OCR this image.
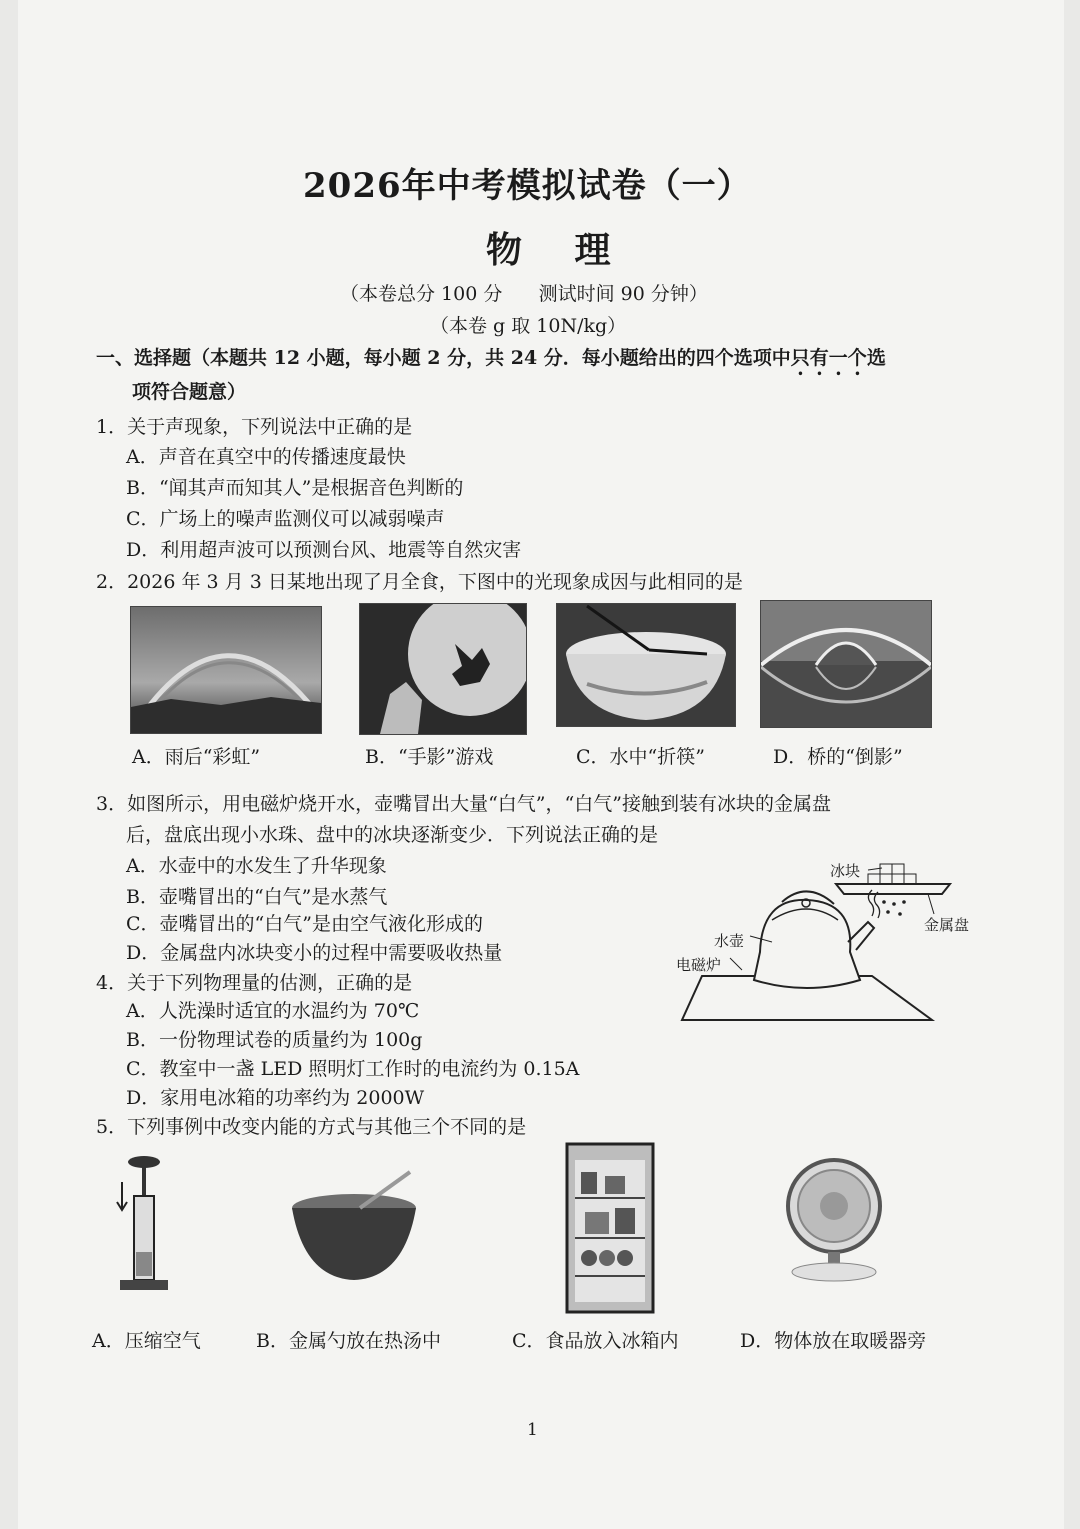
2026年中考模拟试卷（一）
物 理
（本卷总分 100 分      测试时间 90 分钟）
（本卷 g 取 10N/kg）
一、选择题（本题共 12 小题，每小题 2 分，共 24 分．每小题给出的四个选项中只有一个选
项符合题意）
1．关于声现象，下列说法中正确的是
A．声音在真空中的传播速度最快
B．“闻其声而知其人”是根据音色判断的
C．广场上的噪声监测仪可以减弱噪声
D．利用超声波可以预测台风、地震等自然灾害
2．2026 年 3 月 3 日某地出现了月全食，下图中的光现象成因与此相同的是
A．雨后“彩虹”	B．“手影”游戏	C．水中“折筷”	D．桥的“倒影”
3．如图所示，用电磁炉烧开水，壶嘴冒出大量“白气”，“白气”接触到装有冰块的金属盘
后，盘底出现小水珠、盘中的冰块逐渐变少．下列说法正确的是
A．水壶中的水发生了升华现象
B．壶嘴冒出的“白气”是水蒸气
C．壶嘴冒出的“白气”是由空气液化形成的
D．金属盘内冰块变小的过程中需要吸收热量
冰块
金属盘
水壶
电磁炉
4．关于下列物理量的估测，正确的是
A．人洗澡时适宜的水温约为 70℃
B．一份物理试卷的质量约为 100g
C．教室中一盏 LED 照明灯工作时的电流约为 0.15A
D．家用电冰箱的功率约为 2000W
5．下列事例中改变内能的方式与其他三个不同的是
A．压缩空气	B．金属勺放在热汤中	C．食品放入冰箱内	D．物体放在取暖器旁
1
